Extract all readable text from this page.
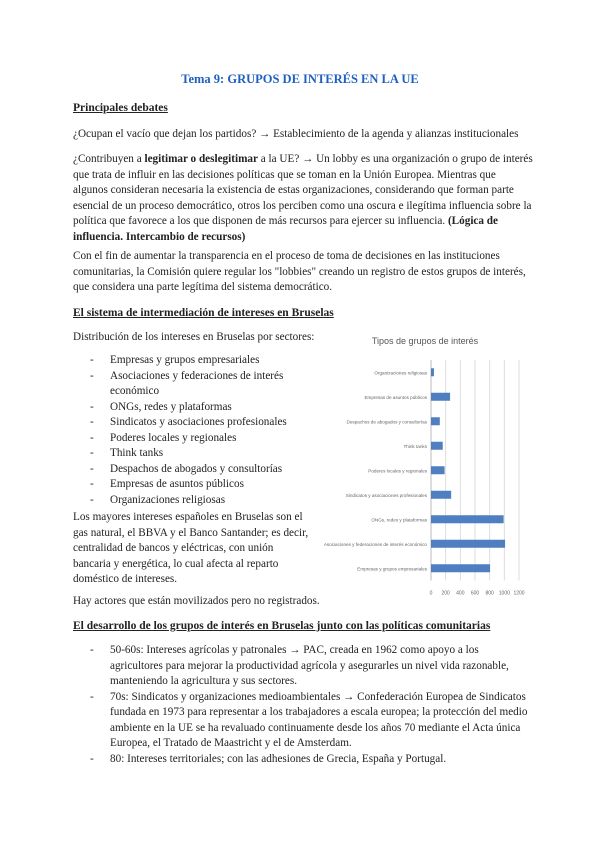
Tema 9: GRUPOS DE INTERÉS EN LA UE
Principales debates

¿Ocupan el vacío que dejan los partidos? → Establecimiento de la agenda y alianzas institucionales

¿Contribuyen a legitimar o deslegitimar a la UE? → Un lobby es una organización o grupo de interés que trata de influir en las decisiones políticas que se toman en la Unión Europea. Mientras que algunos consideran necesaria la existencia de estas organizaciones, considerando que forman parte esencial de un proceso democrático, otros los perciben como una oscura e ilegítima influencia sobre la política que favorece a los que disponen de más recursos para ejercer su influencia. (Lógica de influencia. Intercambio de recursos)

Con el fin de aumentar la transparencia en el proceso de toma de decisiones en las instituciones comunitarias, la Comisión quiere regular los "lobbies" creando un registro de estos grupos de interés, que considera una parte legítima del sistema democrático.

El sistema de intermediación de intereses en Bruselas

Distribución de los intereses en Bruselas por sectores:

- Empresas y grupos empresariales
- Asociaciones y federaciones de interés económico
- ONGs, redes y plataformas
- Sindicatos y asociaciones profesionales
- Poderes locales y regionales
- Think tanks
- Despachos de abogados y consultorías
- Empresas de asuntos públicos
- Organizaciones religiosas

Los mayores intereses españoles en Bruselas son el gas natural, el BBVA y el Banco Santander; es decir, centralidad de bancos y eléctricas, con unión bancaria y energética, lo cual afecta al reparto doméstico de intereses.

Hay actores que están movilizados pero no registrados.

El desarrollo de los grupos de interés en Bruselas junto con las políticas comunitarias
- 50-60s: Intereses agrícolas y patronales → PAC, creada en 1962 como apoyo a los agricultores para mejorar la productividad agrícola y asegurarles un nivel vida razonable, manteniendo la agricultura y sus sectores.
- 70s: Sindicatos y organizaciones medioambientales → Confederación Europea de Sindicatos fundada en 1973 para representar a los trabajadores a escala europea; la protección del medio ambiente en la UE se ha revaluado continuamente desde los años 70 mediante el Acta única Europea, el Tratado de Maastricht y el de Amsterdam.
- 80: Intereses territoriales; con las adhesiones de Grecia, España y Portugal.
Tipos de grupos de interés
0 200 400 600 800 1000 1200
Organizaciones religiosas
Empresas de asuntos públicos
Despachos de abogados y consultorías
Think tanks
Poderes locales y regionales
Sindicatos y asociaciones profesionales
ONGs, redes y plataformas
Asociaciones y federaciones de interés económico
Empresas y grupos empresariales
